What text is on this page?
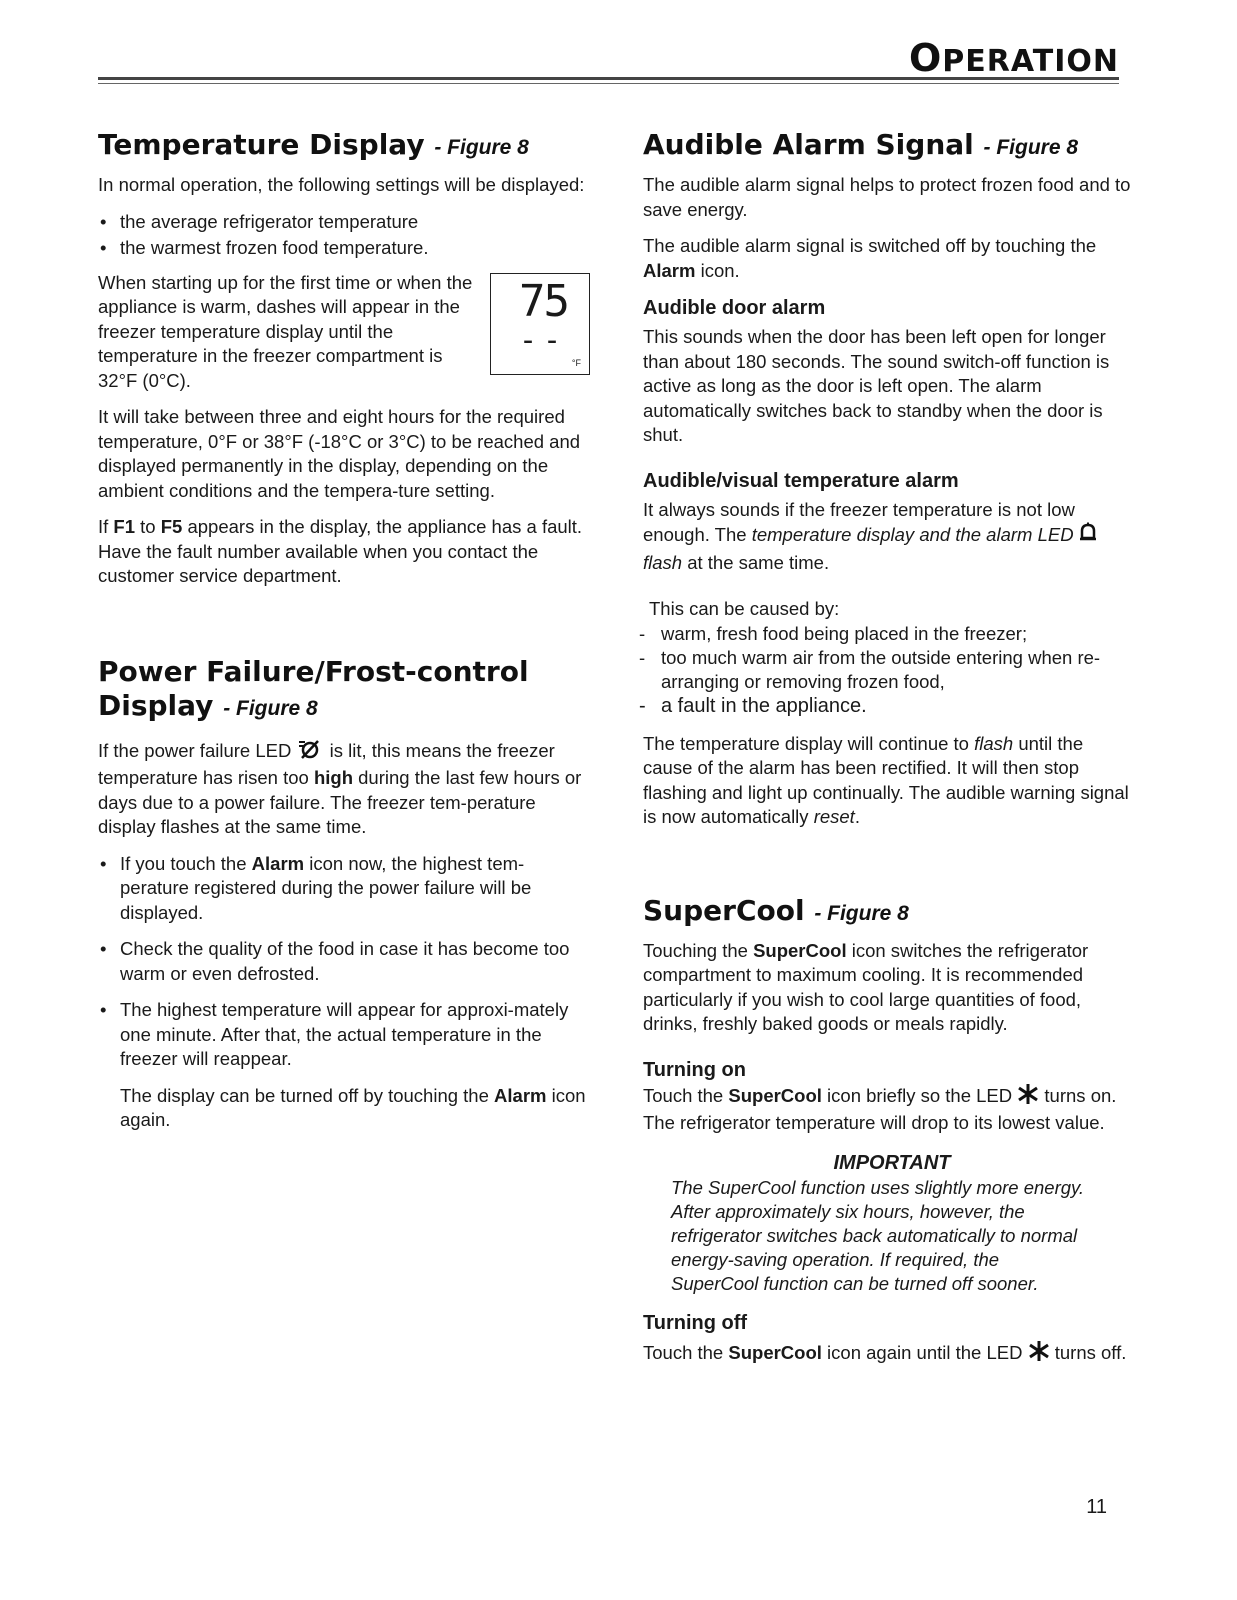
OPERATION
Temperature Display - Figure 8

In normal operation, the following settings will be displayed:

• the average refrigerator temperature
• the warmest frozen food temperature.

When starting up for the first time or when the appliance is warm, dashes will appear in the freezer temperature display until the temperature in the freezer compartment is 32°F (0°C).

75
--
°F

It will take between three and eight hours for the required temperature, 0°F or 38°F (-18°C or 3°C) to be reached and displayed permanently in the display, depending on the ambient conditions and the tempera-ture setting.

If F1 to F5 appears in the display, the appliance has a fault. Have the fault number available when you contact the customer service department.

Power Failure/Frost-control
Display - Figure 8

If the power failure LED  is lit, this means the freezer temperature has risen too high during the last few hours or days due to a power failure. The freezer tem-perature display flashes at the same time.

• If you touch the Alarm icon now, the highest tem-perature registered during the power failure will be displayed.
• Check the quality of the food in case it has become too warm or even defrosted.
• The highest temperature will appear for approxi-mately one minute. After that, the actual temperature in the freezer will reappear.

The display can be turned off by touching the Alarm icon again.

Audible Alarm Signal - Figure 8

The audible alarm signal helps to protect frozen food and to save energy.

The audible alarm signal is switched off by touching the Alarm icon.

Audible door alarm

This sounds when the door has been left open for longer than about 180 seconds. The sound switch-off function is active as long as the door is left open. The alarm automatically switches back to standby when the door is shut.

Audible/visual temperature alarm

It always sounds if the freezer temperature is not low enough. The temperature display and the alarm LED  flash at the same time.

This can be caused by:

- warm, fresh food being placed in the freezer;
- too much warm air from the outside entering when re-arranging or removing frozen food,
- a fault in the appliance.

The temperature display will continue to flash until the cause of the alarm has been rectified. It will then stop flashing and light up continually. The audible warning signal is now automatically reset.

SuperCool - Figure 8

Touching the SuperCool icon switches the refrigerator compartment to maximum cooling. It is recommended particularly if you wish to cool large quantities of food, drinks, freshly baked goods or meals rapidly.

Turning on

Touch the SuperCool icon briefly so the LED  turns on. The refrigerator temperature will drop to its lowest value.

IMPORTANT
The SuperCool function uses slightly more energy. After approximately six hours, however, the refrigerator switches back automatically to normal energy-saving operation. If required, the SuperCool function can be turned off sooner.
Turning off

Touch the SuperCool icon again until the LED  turns off.

11
